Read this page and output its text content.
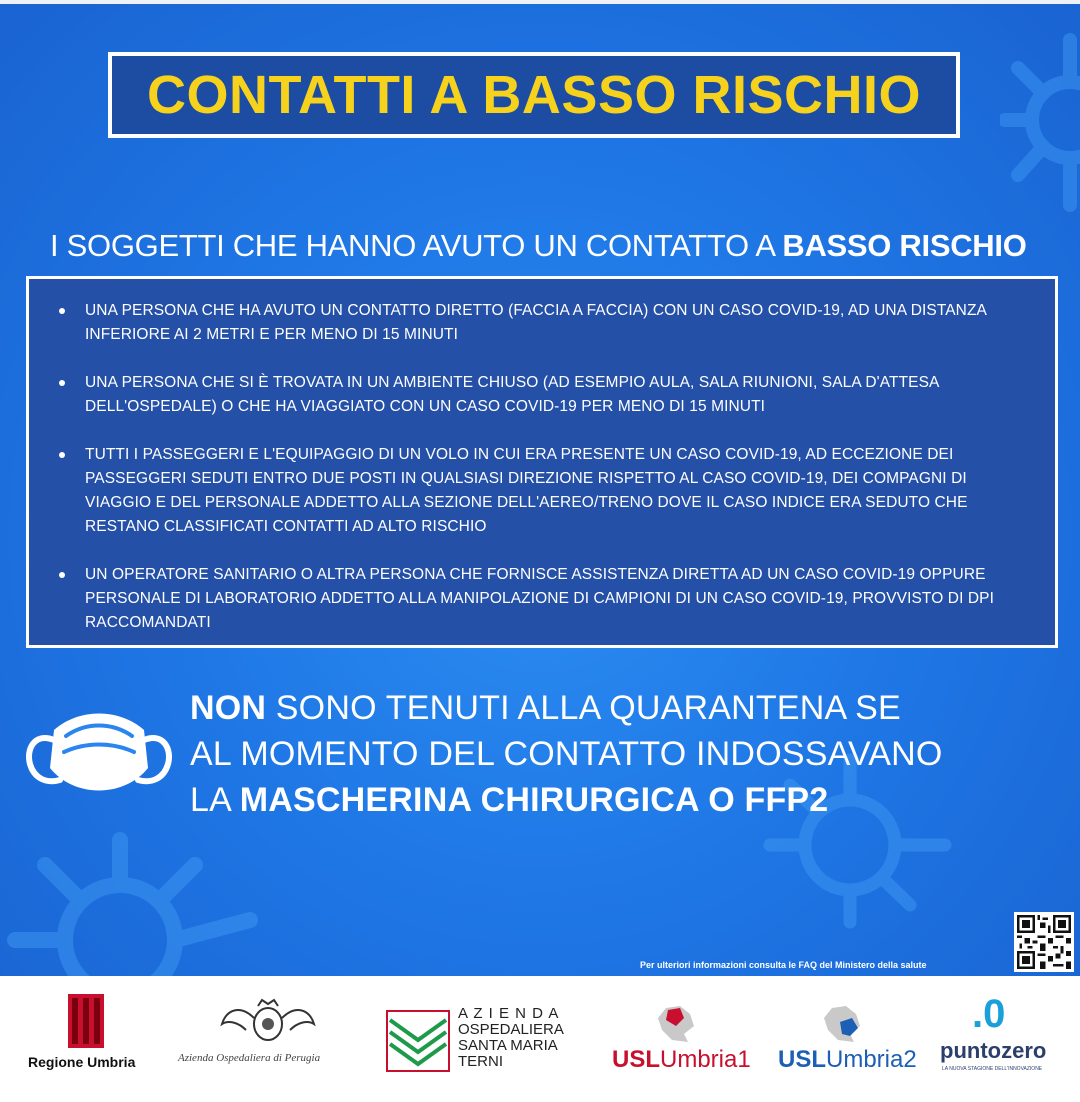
CONTATTI A BASSO RISCHIO
I SOGGETTI CHE HANNO AVUTO UN CONTATTO A BASSO RISCHIO
UNA PERSONA CHE HA AVUTO UN CONTATTO DIRETTO (FACCIA A FACCIA) CON UN CASO COVID-19, AD UNA DISTANZA INFERIORE AI 2 METRI E PER MENO DI 15 MINUTI
UNA PERSONA CHE SI È TROVATA IN UN AMBIENTE CHIUSO (AD ESEMPIO AULA, SALA RIUNIONI, SALA D'ATTESA DELL'OSPEDALE) O CHE HA VIAGGIATO CON UN CASO COVID-19 PER MENO DI 15 MINUTI
TUTTI I PASSEGGERI E L'EQUIPAGGIO DI UN VOLO IN CUI ERA PRESENTE UN CASO COVID-19, AD ECCEZIONE DEI PASSEGGERI SEDUTI ENTRO DUE POSTI IN QUALSIASI DIREZIONE RISPETTO AL CASO COVID-19, DEI COMPAGNI DI VIAGGIO E DEL PERSONALE ADDETTO ALLA SEZIONE DELL'AEREO/TRENO DOVE IL CASO INDICE ERA SEDUTO CHE RESTANO CLASSIFICATI CONTATTI AD ALTO RISCHIO
UN OPERATORE SANITARIO O ALTRA PERSONA CHE FORNISCE ASSISTENZA DIRETTA AD UN CASO COVID-19 OPPURE PERSONALE DI LABORATORIO ADDETTO ALLA MANIPOLAZIONE DI CAMPIONI DI UN CASO COVID-19, PROVVISTO DI DPI RACCOMANDATI
NON SONO TENUTI ALLA QUARANTENA SE
AL MOMENTO DEL CONTATTO INDOSSAVANO
LA MASCHERINA CHIRURGICA O FFP2
Per ulteriori informazioni consulta le FAQ del Ministero della salute
Regione Umbria	Azienda Ospedaliera di Perugia
A Z I E N D A
OSPEDALIERA
SANTA MARIA
TERNI	USLUmbria1 USLUmbria2
.0
puntozero
LA NUOVA STAGIONE DELL'INNOVAZIONE
